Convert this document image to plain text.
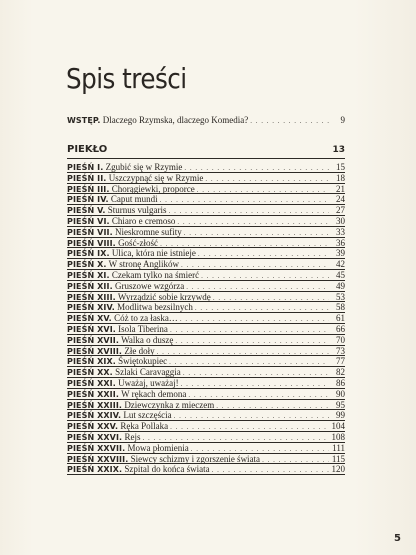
Spis treści
WSTĘP. Dlaczego Rzymska, dlaczego Komedia? . . .	9
PIEKŁO	13
PIEŚŃ I. Zgubić się w Rzymie . . .	15
PIEŚŃ II. Uszczypnąć się w Rzymie . . .	18
PIEŚŃ III. Chorągiewki, proporce . . .	21
PIEŚŃ IV. Caput mundi . . .	24
PIEŚŃ V. Sturnus vulgaris . . .	27
PIEŚŃ VI. Chiaro e cremoso . . .	30
PIEŚŃ VII. Nieskromne sufity . . .	33
PIEŚŃ VIII. Gość-złość . . .	36
PIEŚŃ IX. Ulica, która nie istnieje . . .	39
PIEŚŃ X. W stronę Anglików . . .	42
PIEŚŃ XI. Czekam tylko na śmierć . . .	45
PIEŚŃ XII. Gruszowe wzgórza . . .	49
PIEŚŃ XIII. Wyrządzić sobie krzywdę . . .	53
PIEŚŃ XIV. Modlitwa bezsilnych . . .	58
PIEŚŃ XV. Cóż to za łaska… . . .	61
PIEŚŃ XVI. Isola Tiberina . . .	66
PIEŚŃ XVII. Walka o duszę . . .	70
PIEŚŃ XVIII. Złe doły . . .	73
PIEŚŃ XIX. Świętokupiec . . .	77
PIEŚŃ XX. Szlaki Caravaggia . . .	82
PIEŚŃ XXI. Uważaj, uważaj! . . .	86
PIEŚŃ XXII. W rękach demona . . .	90
PIEŚŃ XXIII. Dziewczynka z mieczem . . .	95
PIEŚŃ XXIV. Lut szczęścia . . .	99
PIEŚŃ XXV. Ręka Pollaka . . .	104
PIEŚŃ XXVI. Rejs . . .	108
PIEŚŃ XXVII. Mowa płomienia . . .	111
PIEŚŃ XXVIII. Siewcy schizmy i zgorszenie świata . . .	115
PIEŚŃ XXIX. Szpital do końca świata . . .	120
5
